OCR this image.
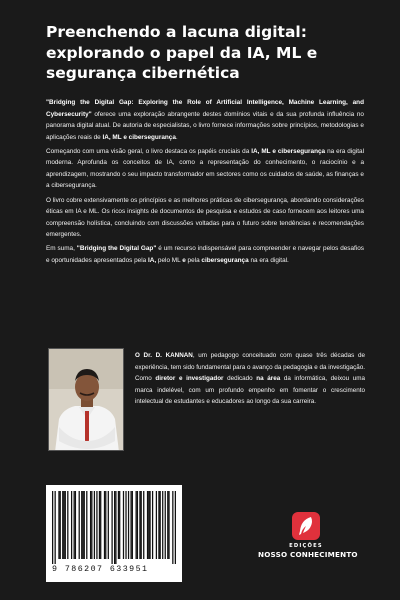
Preenchendo a lacuna digital: explorando o papel da IA, ML e segurança cibernética

"Bridging the Digital Gap: Exploring the Role of Artificial Intelligence, Machine Learning, and Cybersecurity" oferece uma exploração abrangente destes domínios vitais e da sua profunda influência no panorama digital atual. De autoria de especialistas, o livro fornece informações sobre princípios, metodologias e aplicações reais de IA, ML e cibersegurança.

Começando com uma visão geral, o livro destaca os papéis cruciais da IA, ML e cibersegurança na era digital moderna. Aprofunda os conceitos de IA, como a representação do conhecimento, o raciocínio e a aprendizagem, mostrando o seu impacto transformador em sectores como os cuidados de saúde, as finanças e a cibersegurança.

O livro cobre extensivamente os princípios e as melhores práticas de cibersegurança, abordando considerações éticas em IA e ML. Os ricos insights de documentos de pesquisa e estudos de caso fornecem aos leitores uma compreensão holística, concluindo com discussões voltadas para o futuro sobre tendências e recomendações emergentes.

Em suma, "Bridging the Digital Gap" é um recurso indispensável para compreender e navegar pelos desafios e oportunidades apresentados pela IA, pelo ML e pela cibersegurança na era digital.

O Dr. D. KANNAN, um pedagogo conceituado com quase três décadas de experiência, tem sido fundamental para o avanço da pedagogia e da investigação. Como diretor e investigador dedicado na área da informática, deixou uma marca indelével, com um profundo empenho em fomentar o crescimento intelectual de estudantes e educadores ao longo da sua carreira.
9 786207 633951
EDIÇÕES
NOSSO CONHECIMENTO
